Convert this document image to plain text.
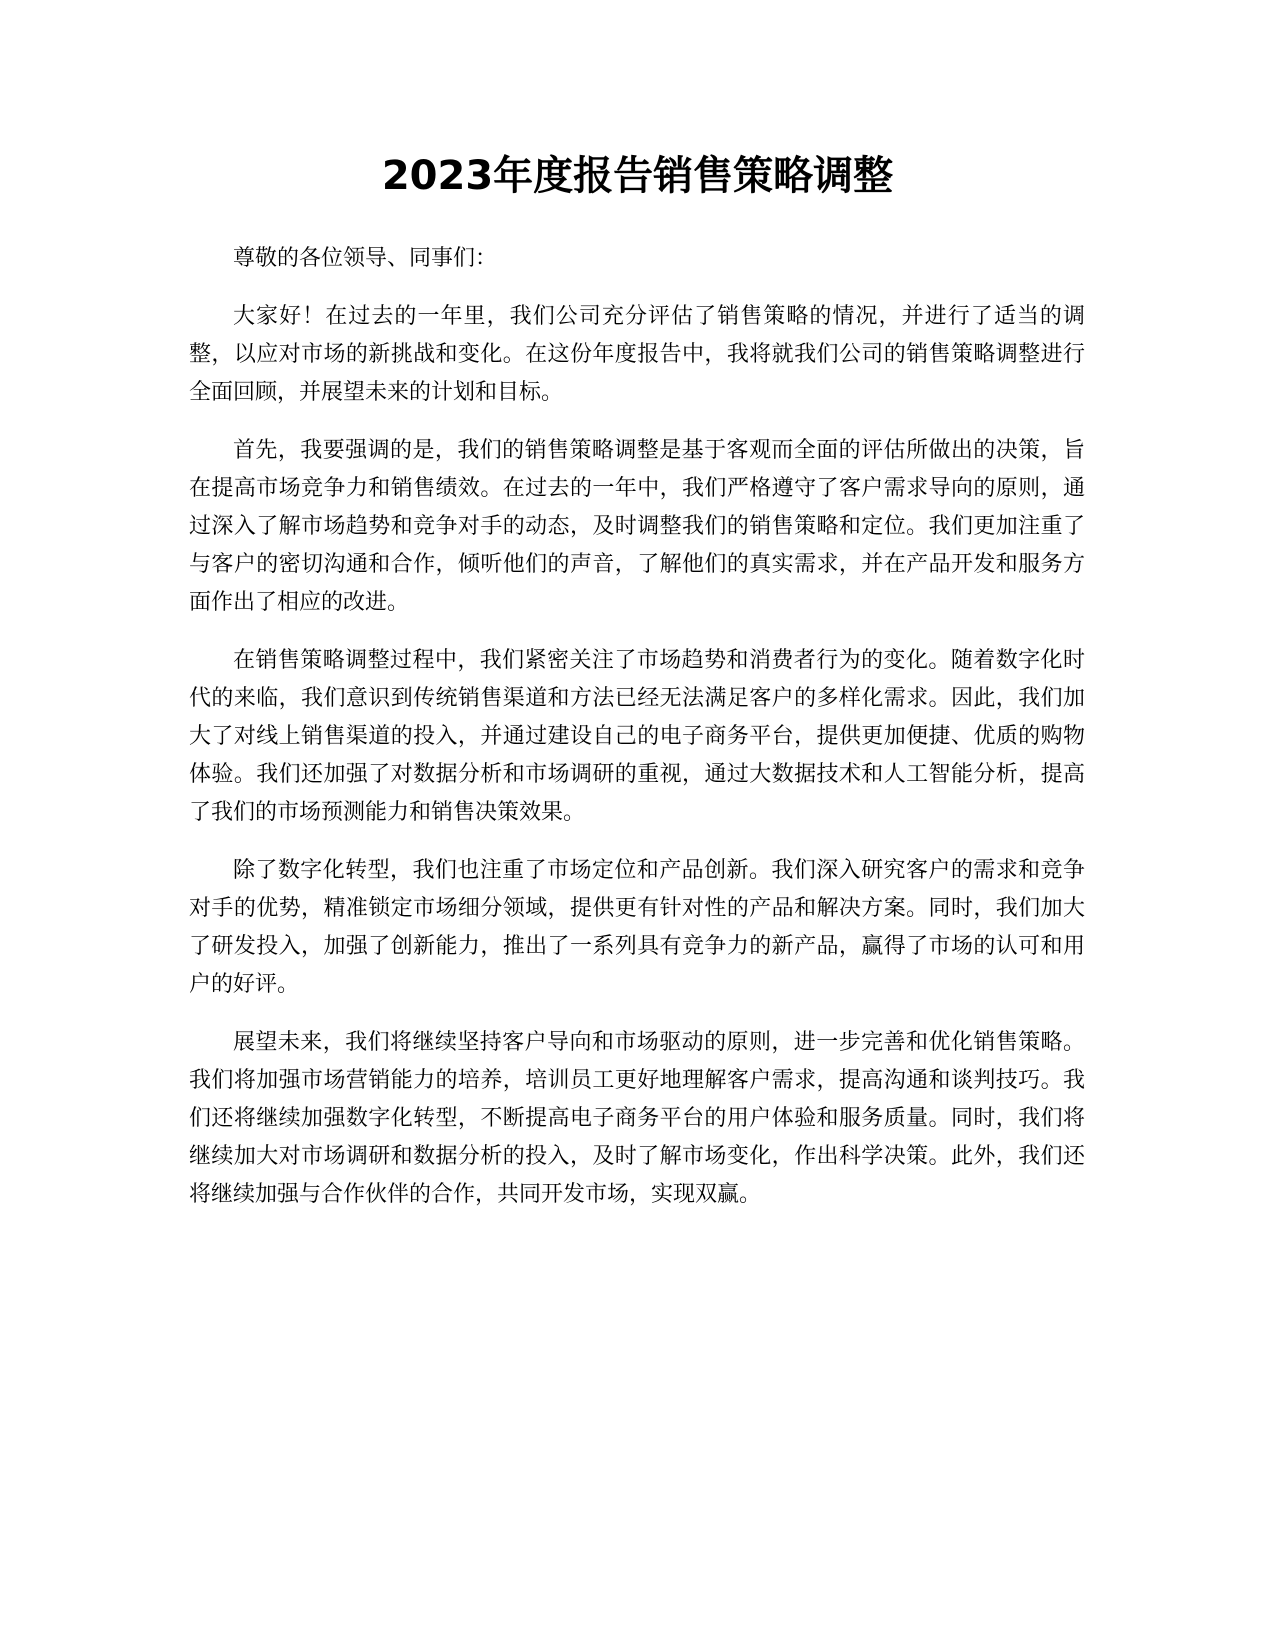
2023年度报告销售策略调整

尊敬的各位领导、同事们：

大家好！在过去的一年里，我们公司充分评估了销售策略的情况，并进行了适当的调整，以应对市场的新挑战和变化。在这份年度报告中，我将就我们公司的销售策略调整进行全面回顾，并展望未来的计划和目标。

首先，我要强调的是，我们的销售策略调整是基于客观而全面的评估所做出的决策，旨在提高市场竞争力和销售绩效。在过去的一年中，我们严格遵守了客户需求导向的原则，通过深入了解市场趋势和竞争对手的动态，及时调整我们的销售策略和定位。我们更加注重了与客户的密切沟通和合作，倾听他们的声音，了解他们的真实需求，并在产品开发和服务方面作出了相应的改进。

在销售策略调整过程中，我们紧密关注了市场趋势和消费者行为的变化。随着数字化时代的来临，我们意识到传统销售渠道和方法已经无法满足客户的多样化需求。因此，我们加大了对线上销售渠道的投入，并通过建设自己的电子商务平台，提供更加便捷、优质的购物体验。我们还加强了对数据分析和市场调研的重视，通过大数据技术和人工智能分析，提高了我们的市场预测能力和销售决策效果。

除了数字化转型，我们也注重了市场定位和产品创新。我们深入研究客户的需求和竞争对手的优势，精准锁定市场细分领域，提供更有针对性的产品和解决方案。同时，我们加大了研发投入，加强了创新能力，推出了一系列具有竞争力的新产品，赢得了市场的认可和用户的好评。

展望未来，我们将继续坚持客户导向和市场驱动的原则，进一步完善和优化销售策略。我们将加强市场营销能力的培养，培训员工更好地理解客户需求，提高沟通和谈判技巧。我们还将继续加强数字化转型，不断提高电子商务平台的用户体验和服务质量。同时，我们将继续加大对市场调研和数据分析的投入，及时了解市场变化，作出科学决策。此外，我们还将继续加强与合作伙伴的合作，共同开发市场，实现双赢。
